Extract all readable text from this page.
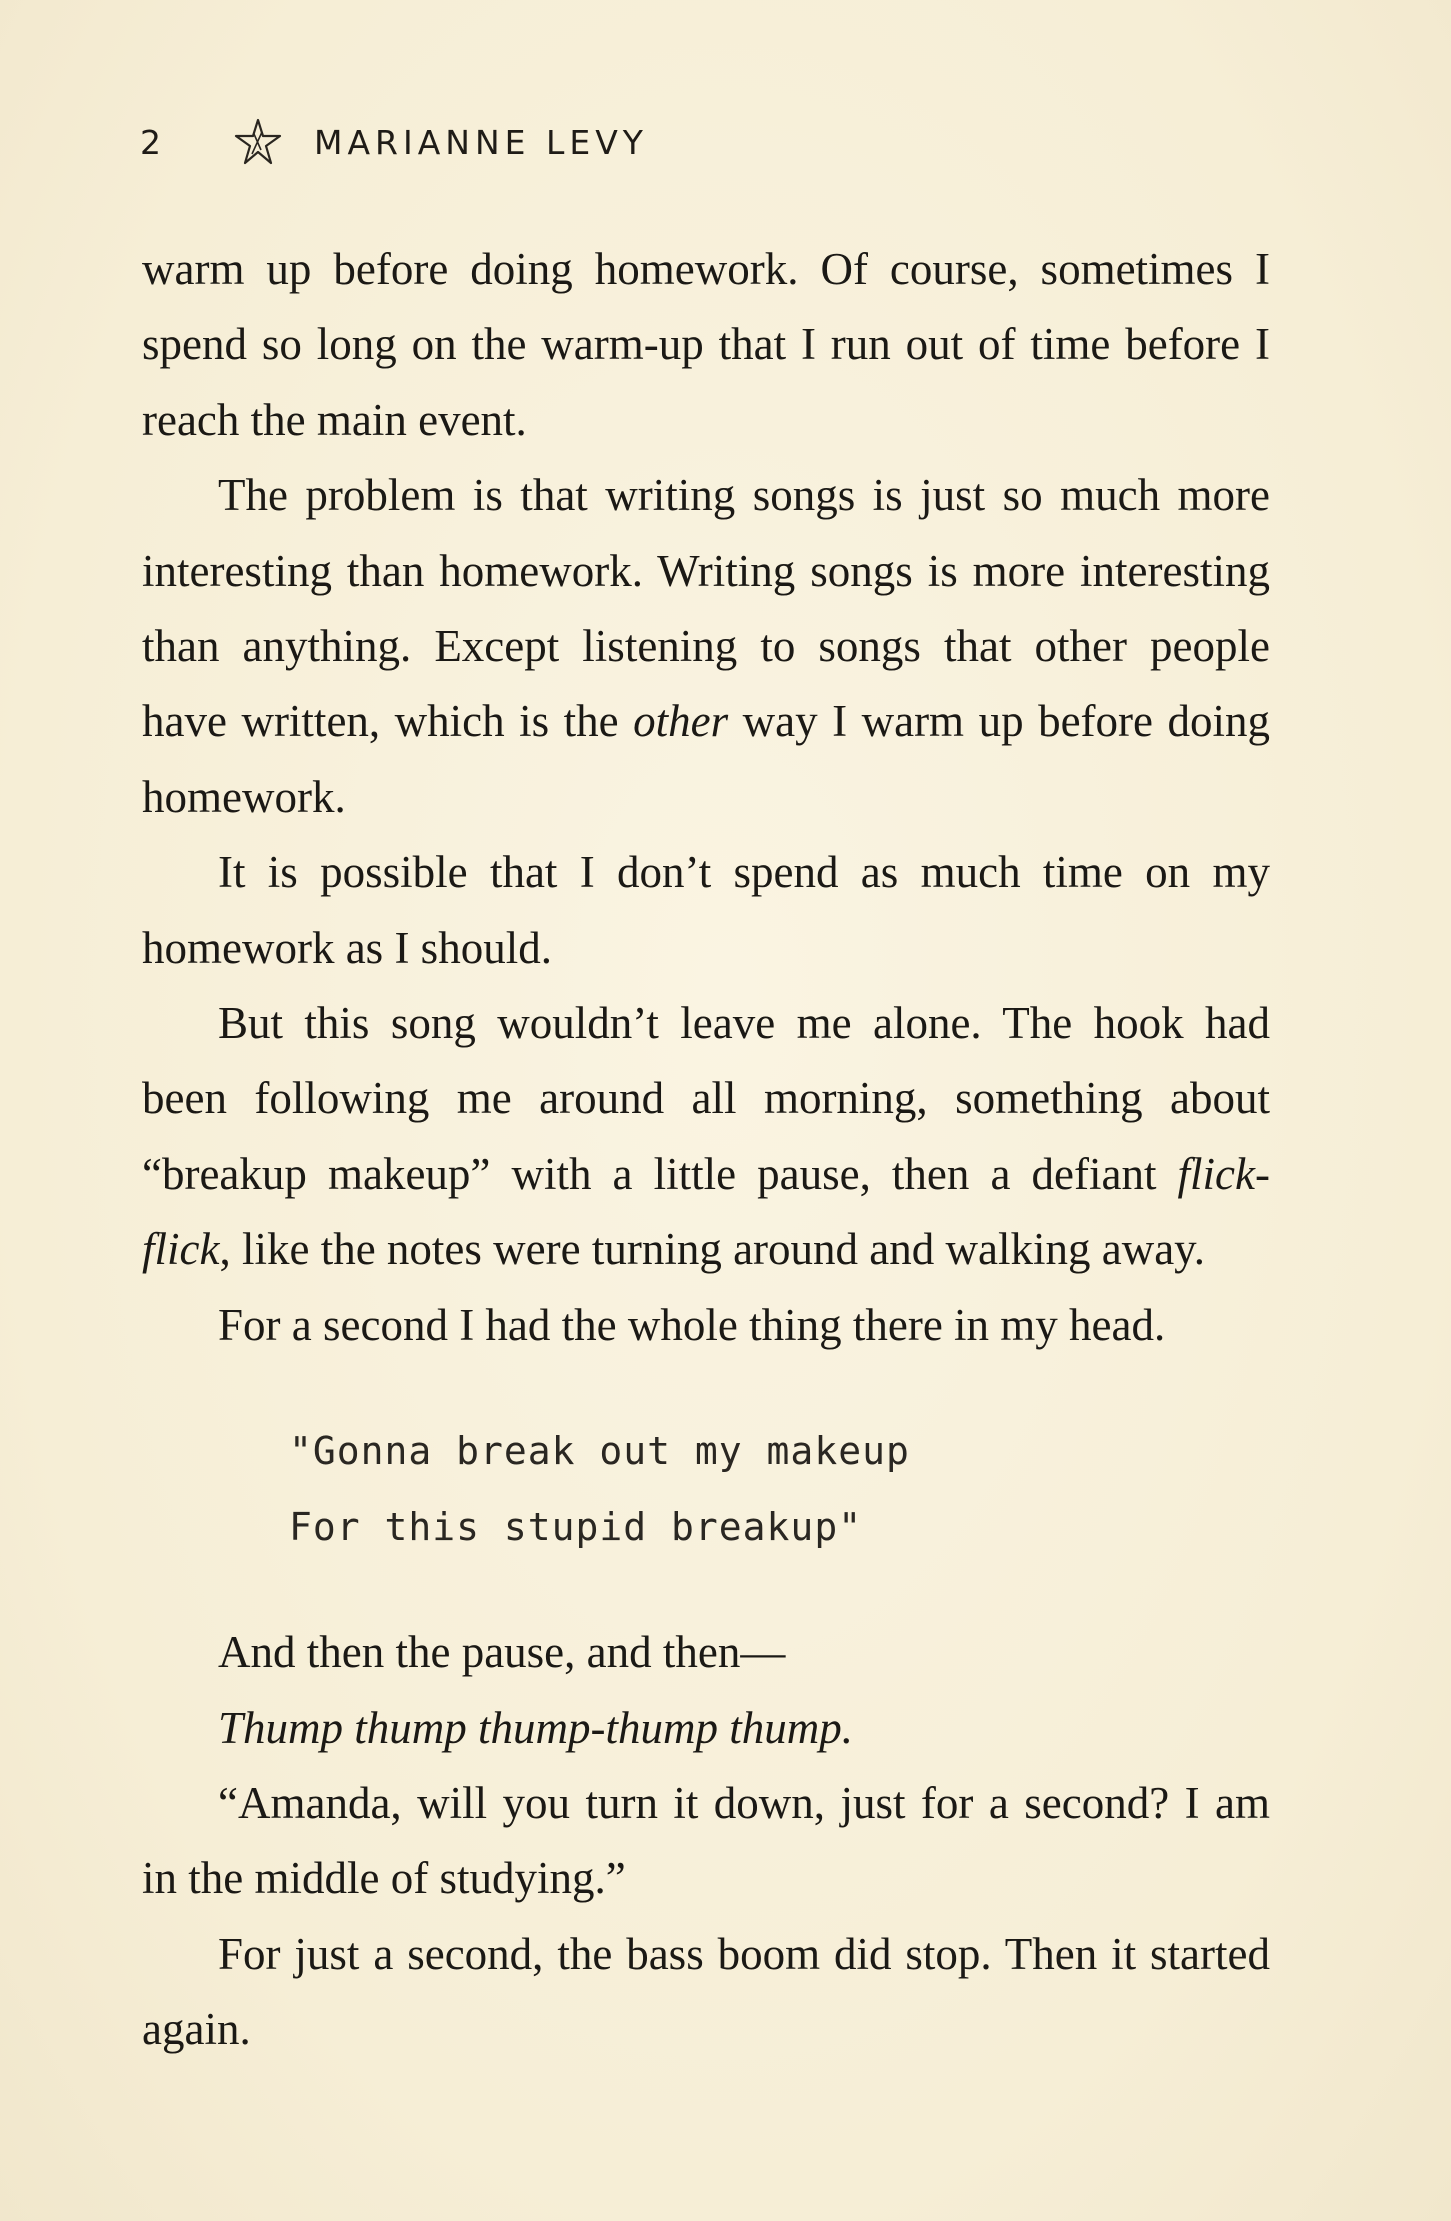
2	MARIANNE LEVY

warm up before doing homework. Of course, sometimes I spend so long on the warm-up that I run out of time before I reach the main event.

The problem is that writing songs is just so much more interesting than homework. Writing songs is more interesting than anything. Except listening to songs that other people have written, which is the other way I warm up before doing homework.

It is possible that I don’t spend as much time on my homework as I should.

But this song wouldn’t leave me alone. The hook had been following me around all morning, something about “breakup makeup” with a little pause, then a defiant flick-flick, like the notes were turning around and walking away.

For a second I had the whole thing there in my head.

"Gonna break out my makeup
For this stupid breakup"

And then the pause, and then—

Thump thump thump-thump thump.

“Amanda, will you turn it down, just for a second? I am in the middle of studying.”

For just a second, the bass boom did stop. Then it started again.
